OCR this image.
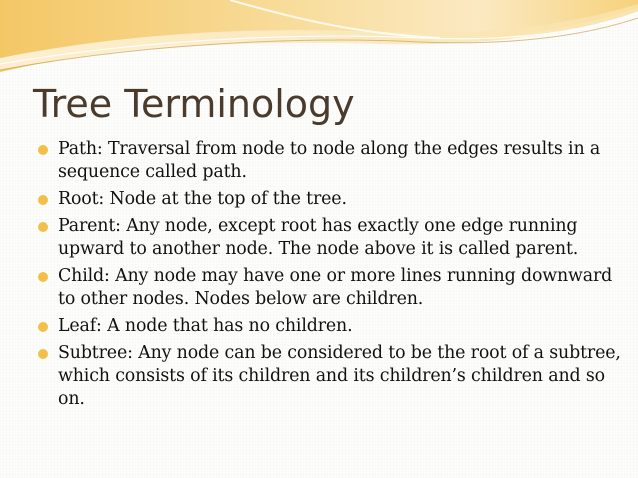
Tree Terminology
Path: Traversal from node to node along the edges results in a sequence called path.
Root: Node at the top of the tree.
Parent: Any node, except root has exactly one edge running upward to another node. The node above it is called parent.
Child: Any node may have one or more lines running downward to other nodes. Nodes below are children.
Leaf: A node that has no children.
Subtree: Any node can be considered to be the root of a subtree, which consists of its children and its children’s children and so on.
